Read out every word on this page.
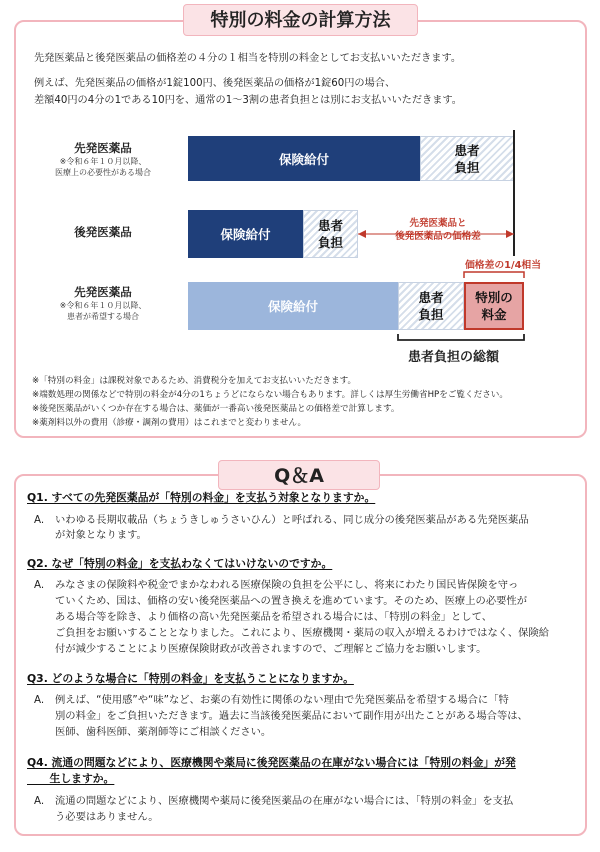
特別の料金の計算方法
先発医薬品と後発医薬品の価格差の４分の１相当を特別の料金としてお支払いいただきます。
例えば、先発医薬品の価格が1錠100円、後発医薬品の価格が1錠60円の場合、
差額40円の4分の1である10円を、通常の1～3割の患者負担とは別にお支払いいただきます。
先発医薬品
※令和６年１０月以降、
医療上の必要性がある場合
保険給付
患者
負担
後発医薬品	保険給付
患者
負担
先発医薬品
※令和６年１０月以降、
患者が希望する場合
保険給付
患者
負担
特別の
料金
先発医薬品と
後発医薬品の価格差
価格差の1/4相当
患者負担の総額
※「特別の料金」は課税対象であるため、消費税分を加えてお支払いいただきます。
※端数処理の関係などで特別の料金が4分の1ちょうどにならない場合もあります。詳しくは厚生労働省HPをご覧ください。
※後発医薬品がいくつか存在する場合は、薬価が一番高い後発医薬品との価格差で計算します。
※薬剤料以外の費用（診療・調剤の費用）はこれまでと変わりません。
Q＆A
Q1. すべての先発医薬品が「特別の料金」を支払う対象となりますか。
A. いわゆる長期収載品（ちょうきしゅうさいひん）と呼ばれる、同じ成分の後発医薬品がある先発医薬品
が対象となります。
Q2. なぜ「特別の料金」を支払わなくてはいけないのですか。
A. みなさまの保険料や税金でまかなわれる医療保険の負担を公平にし、将来にわたり国民皆保険を守っ
ていくため、国は、価格の安い後発医薬品への置き換えを進めています。そのため、医療上の必要性が
ある場合等を除き、より価格の高い先発医薬品を希望される場合には、「特別の料金」として、
ご負担をお願いすることとなりました。これにより、医療機関・薬局の収入が増えるわけではなく、保険給
付が減少することにより医療保険財政が改善されますので、ご理解とご協力をお願いします。
Q3. どのような場合に「特別の料金」を支払うことになりますか。
A. 例えば、“使用感”や“味”など、お薬の有効性に関係のない理由で先発医薬品を希望する場合に「特
別の料金」をご負担いただきます。過去に当該後発医薬品において副作用が出たことがある場合等は、
医師、歯科医師、薬剤師等にご相談ください。
Q4. 流通の問題などにより、医療機関や薬局に後発医薬品の在庫がない場合には「特別の料金」が発
生しますか。
A. 流通の問題などにより、医療機関や薬局に後発医薬品の在庫がない場合には、「特別の料金」を支払
う必要はありません。
